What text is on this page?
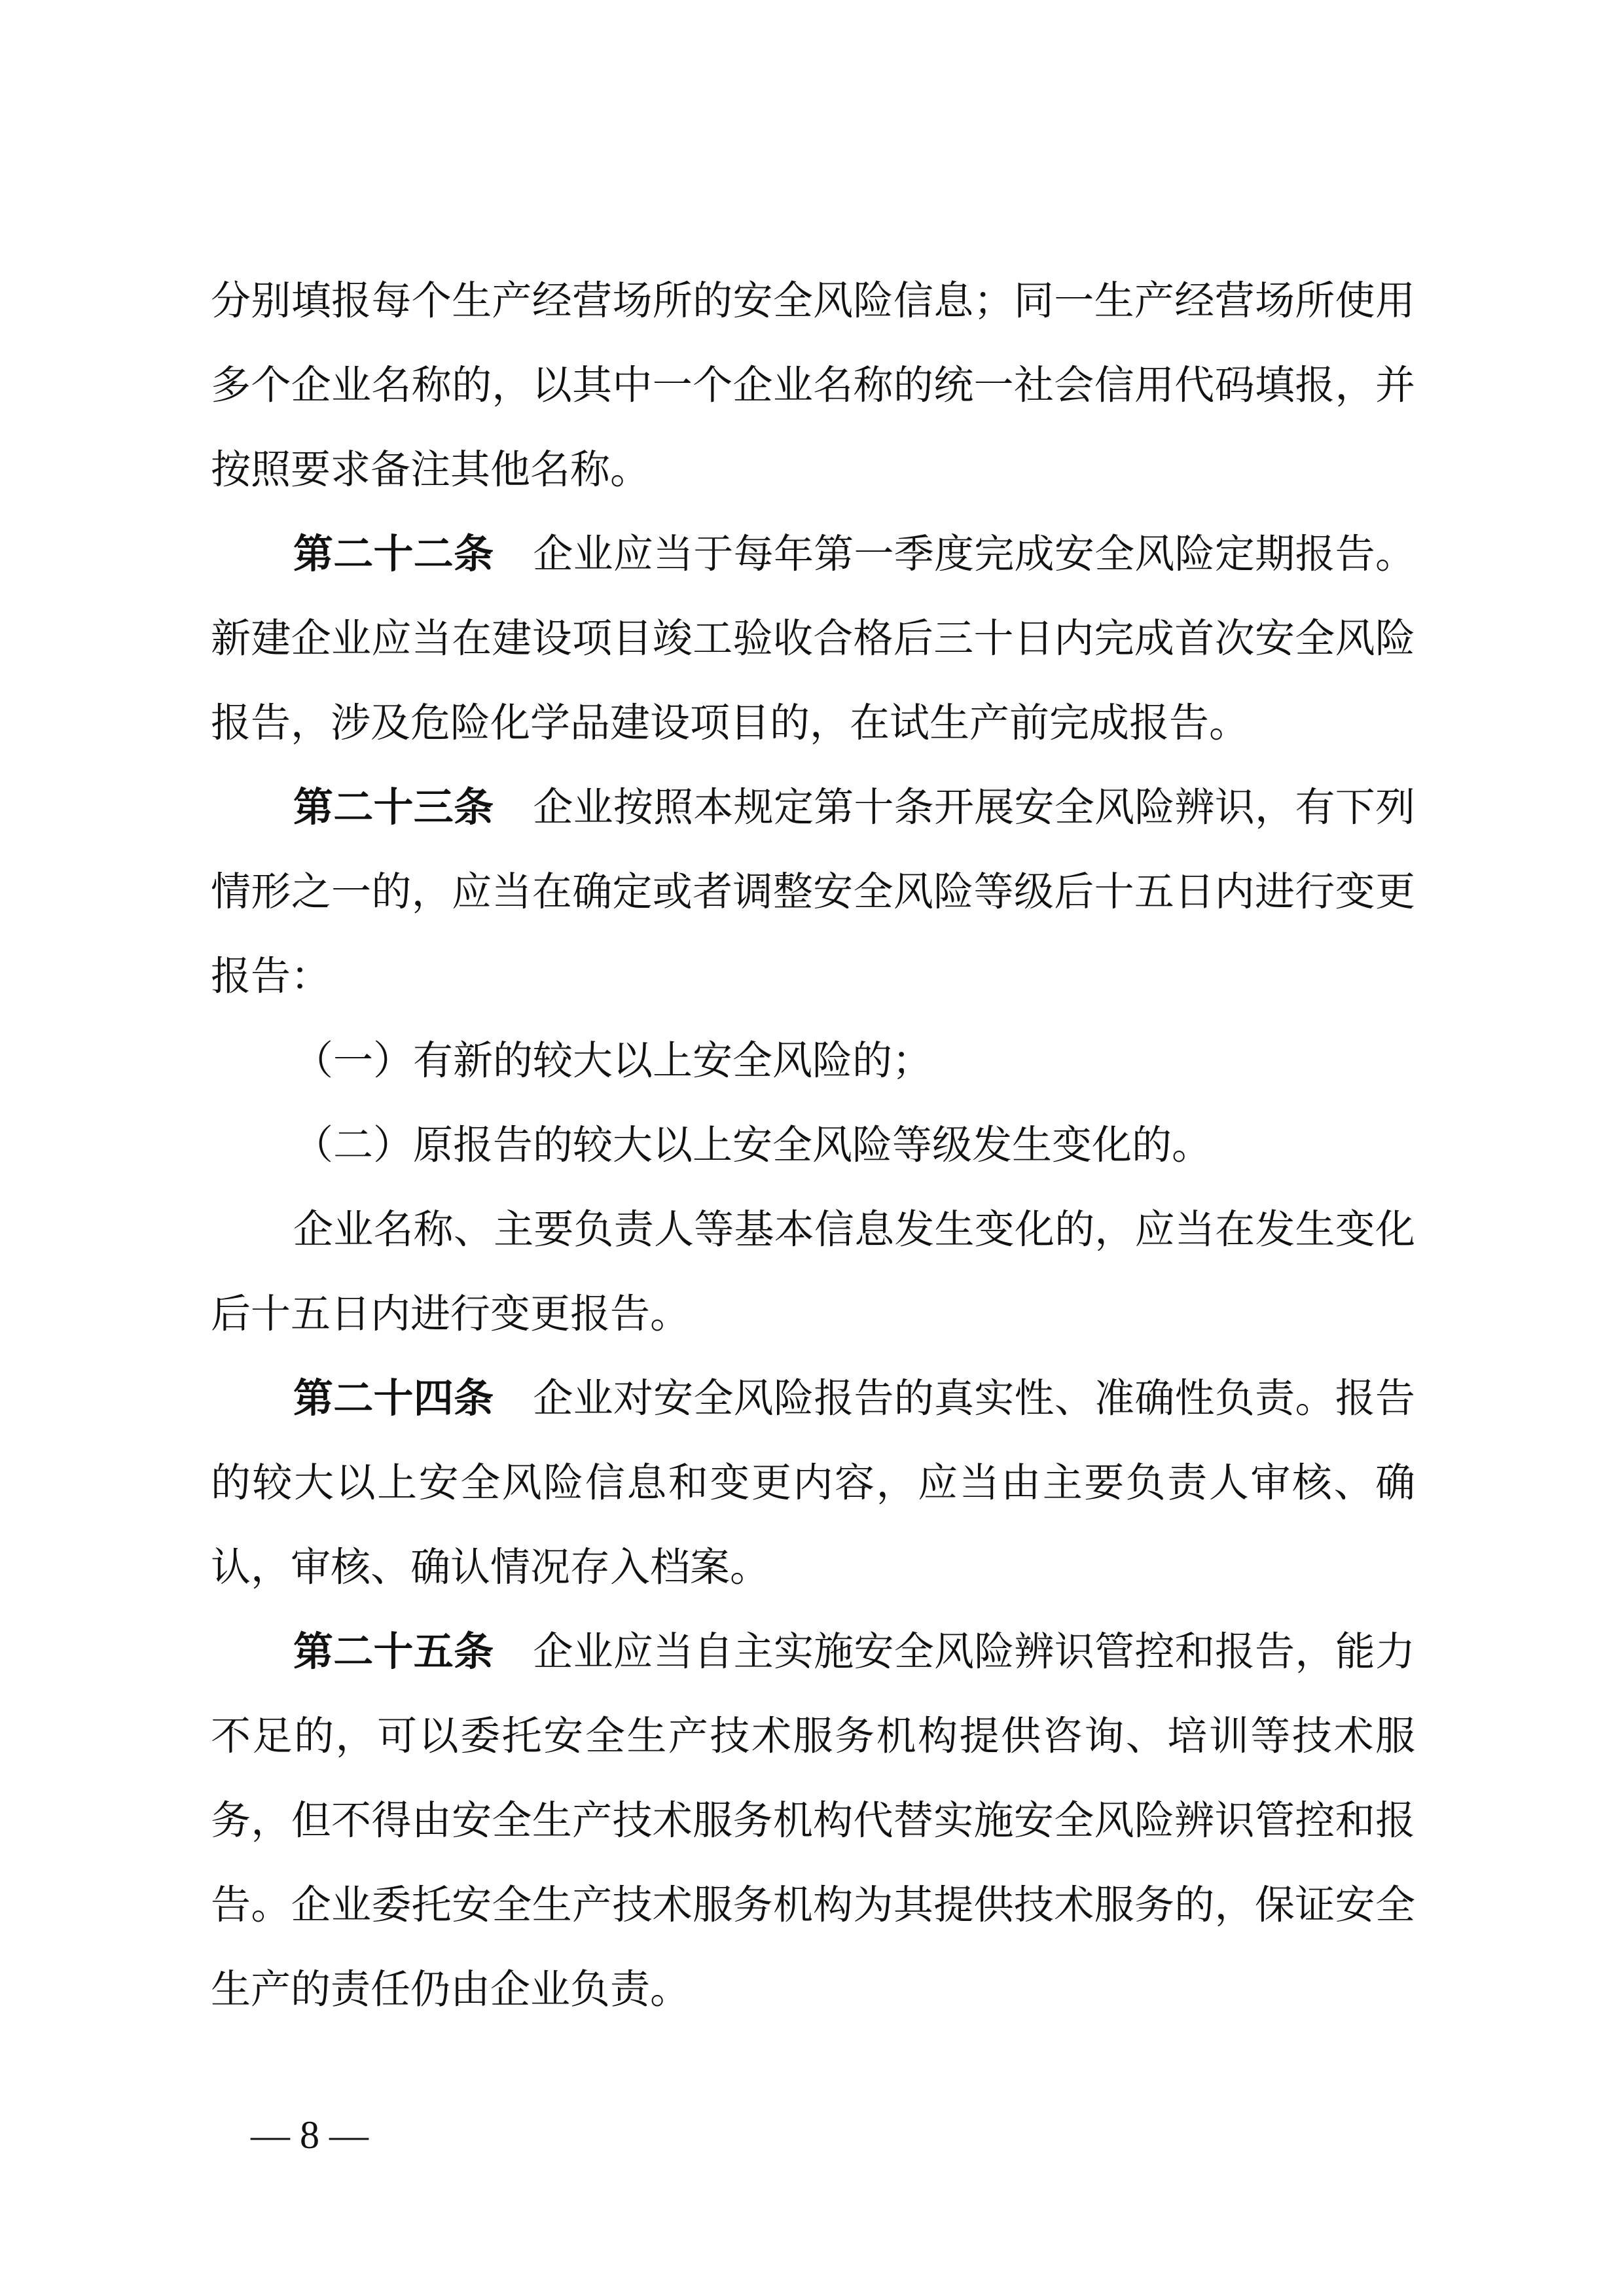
分别填报每个生产经营场所的安全风险信息；同一生产经营场所使用多个企业名称的，以其中一个企业名称的统一社会信用代码填报，并按照要求备注其他名称。

第二十二条 企业应当于每年第一季度完成安全风险定期报告。新建企业应当在建设项目竣工验收合格后三十日内完成首次安全风险报告，涉及危险化学品建设项目的，在试生产前完成报告。

第二十三条 企业按照本规定第十条开展安全风险辨识，有下列情形之一的，应当在确定或者调整安全风险等级后十五日内进行变更报告：

（一）有新的较大以上安全风险的；

（二）原报告的较大以上安全风险等级发生变化的。

企业名称、主要负责人等基本信息发生变化的，应当在发生变化后十五日内进行变更报告。

第二十四条 企业对安全风险报告的真实性、准确性负责。报告的较大以上安全风险信息和变更内容，应当由主要负责人审核、确认，审核、确认情况存入档案。

第二十五条 企业应当自主实施安全风险辨识管控和报告，能力不足的，可以委托安全生产技术服务机构提供咨询、培训等技术服务，但不得由安全生产技术服务机构代替实施安全风险辨识管控和报告。企业委托安全生产技术服务机构为其提供技术服务的，保证安全生产的责任仍由企业负责。

— 8 —
